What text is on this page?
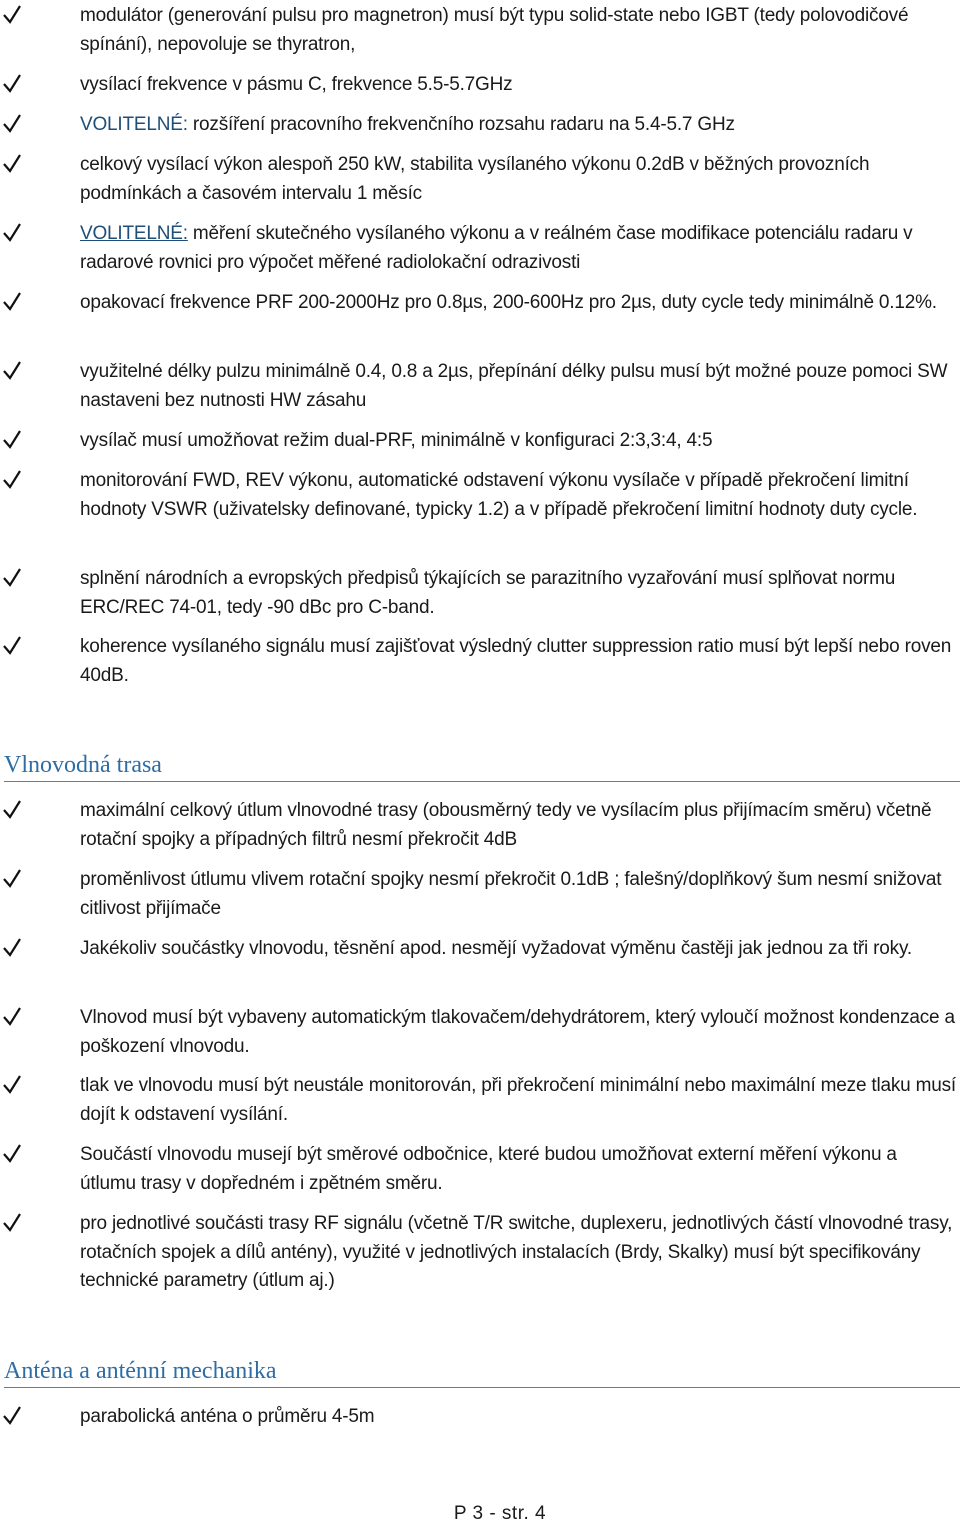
modulátor (generování pulsu pro magnetron) musí být typu solid-state nebo IGBT (tedy polovodičové spínání), nepovoluje se thyratron,
vysílací frekvence v pásmu C, frekvence 5.5-5.7GHz
VOLITELNÉ: rozšíření pracovního frekvenčního rozsahu radaru na 5.4-5.7 GHz
celkový vysílací výkon alespoň 250 kW, stabilita vysílaného výkonu 0.2dB v běžných provozních podmínkách a časovém intervalu 1 měsíc
VOLITELNÉ: měření skutečného vysílaného výkonu a v reálném čase modifikace potenciálu radaru v radarové rovnici pro výpočet měřené radiolokační odrazivosti
opakovací frekvence PRF 200-2000Hz pro 0.8µs, 200-600Hz pro 2µs, duty cycle tedy minimálně 0.12%.
využitelné délky pulzu minimálně 0.4, 0.8 a 2µs, přepínání délky pulsu musí být možné pouze pomoci SW nastaveni bez nutnosti HW zásahu
vysílač musí umožňovat režim dual-PRF, minimálně v konfiguraci 2:3,3:4, 4:5
monitorování FWD, REV výkonu, automatické odstavení výkonu vysílače v případě překročení limitní hodnoty VSWR (uživatelsky definované, typicky 1.2) a v případě překročení limitní hodnoty duty cycle.
splnění národních a evropských předpisů týkajících se parazitního vyzařování musí splňovat normu ERC/REC 74-01, tedy -90 dBc pro C-band.
koherence vysílaného signálu musí zajišťovat výsledný clutter suppression ratio musí být lepší nebo roven 40dB.
Vlnovodná trasa
maximální celkový útlum vlnovodné trasy (obousměrný tedy ve vysílacím plus přijímacím směru) včetně rotační spojky a případných filtrů nesmí překročit 4dB
proměnlivost útlumu vlivem rotační spojky nesmí překročit 0.1dB ; falešný/doplňkový šum nesmí snižovat citlivost přijímače
Jakékoliv součástky vlnovodu, těsnění apod. nesmějí vyžadovat výměnu častěji jak jednou za tři roky.
Vlnovod musí být vybaveny automatickým tlakovačem/dehydrátorem, který vyloučí možnost kondenzace a poškození vlnovodu.
tlak ve vlnovodu musí být neustále monitorován, při překročení minimální nebo maximální meze tlaku musí dojít k odstavení vysílání.
Součástí vlnovodu musejí být směrové odbočnice, které budou umožňovat externí měření výkonu a útlumu trasy v dopředném i zpětném směru.
pro jednotlivé součásti trasy RF signálu (včetně T/R switche, duplexeru, jednotlivých částí vlnovodné trasy, rotačních spojek a dílů antény), využité v jednotlivých instalacích (Brdy, Skalky) musí být specifikovány technické parametry (útlum aj.)
Anténa a anténní mechanika
parabolická anténa o průměru 4-5m
P 3 - str. 4
